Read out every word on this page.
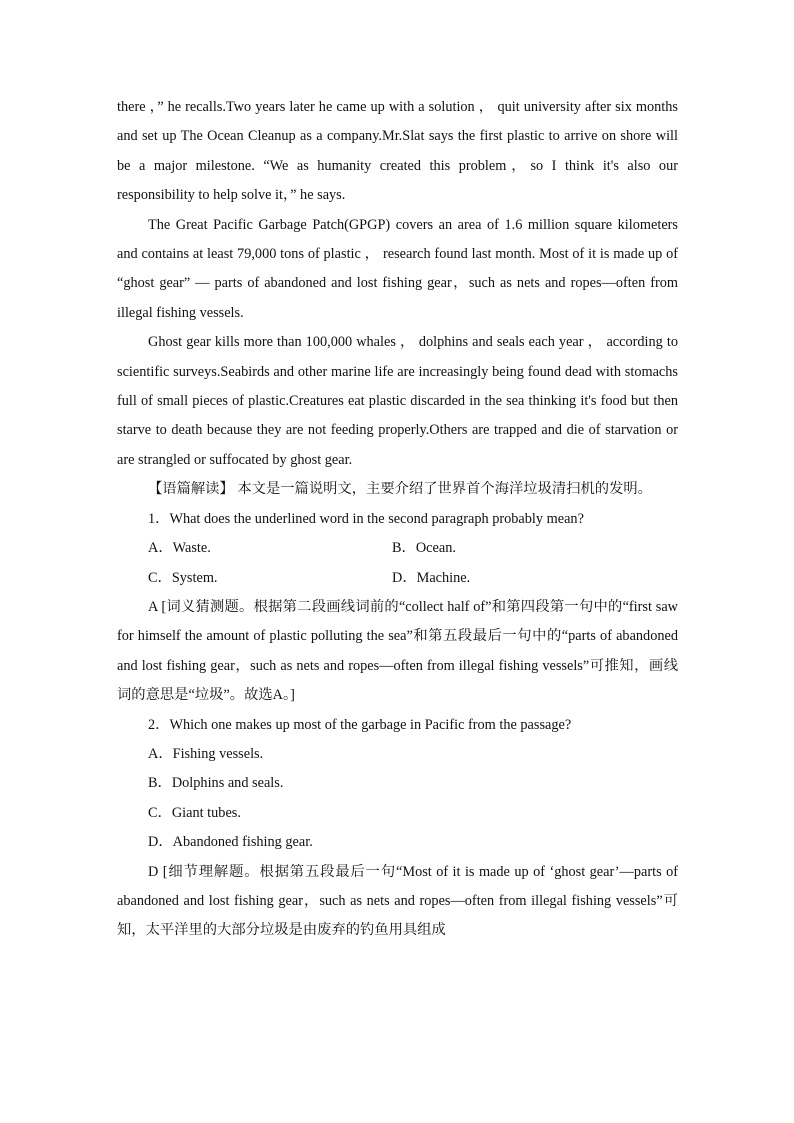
there ，” he recalls.Two years later he came up with a solution ， quit university after six months and set up The Ocean Cleanup as a company.Mr.Slat says the first plastic to arrive on shore will be a major milestone. “We as humanity created this problem，so I think it's also our responsibility to help solve it，” he says.

The Great Pacific Garbage Patch(GPGP) covers an area of 1.6 million square kilometers and contains at least 79,000 tons of plastic ， research found last month. Most of it is made up of “ghost gear” — parts of abandoned and lost fishing gear，such as nets and ropes—often from illegal fishing vessels.

Ghost gear kills more than 100,000 whales ， dolphins and seals each year ， according to scientific surveys.Seabirds and other marine life are increasingly being found dead with stomachs full of small pieces of plastic.Creatures eat plastic discarded in the sea thinking it's food but then starve to death because they are not feeding properly.Others are trapped and die of starvation or are strangled or suffocated by ghost gear.

【语篇解读】 本文是一篇说明文，主要介绍了世界首个海洋垃圾清扫机的发明。

1．What does the underlined word in the second paragraph probably mean?

A．Waste.	B．Ocean.
C．System.	D．Machine.

A [词义猜测题。根据第二段画线词前的“collect half of”和第四段第一句中的“first saw for himself the amount of plastic polluting the sea”和第五段最后一句中的“parts of abandoned and lost fishing gear，such as nets and ropes—often from illegal fishing vessels”可推知，画线词的意思是“垃圾”。故选A。]

2．Which one makes up most of the garbage in Pacific from the passage?

A．Fishing vessels.

B．Dolphins and seals.

C．Giant tubes.

D．Abandoned fishing gear.

D [细节理解题。根据第五段最后一句“Most of it is made up of ‘ghost gear’—parts of abandoned and lost fishing gear，such as nets and ropes—often from illegal fishing vessels”可知，太平洋里的大部分垃圾是由废弃的钓鱼用具组成
